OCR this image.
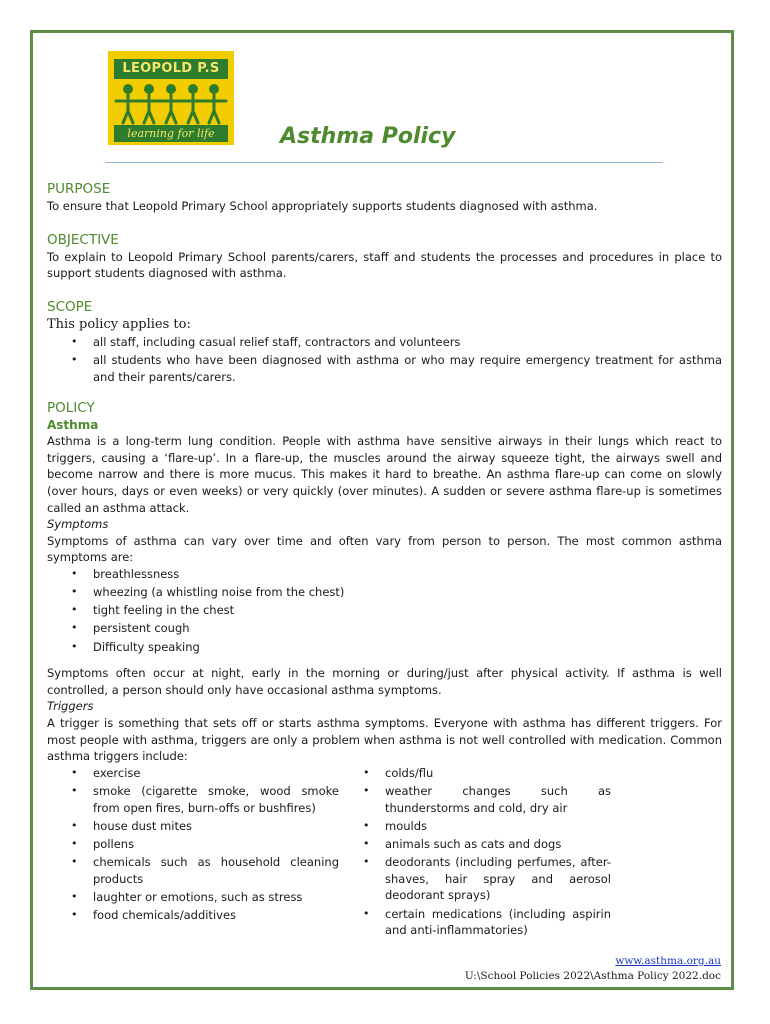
LEOPOLD P.S
learning for life	Asthma Policy
PURPOSE

To ensure that Leopold Primary School appropriately supports students diagnosed with asthma.

OBJECTIVE

To explain to Leopold Primary School parents/carers, staff and students the processes and procedures in place to support students diagnosed with asthma.

SCOPE

This policy applies to:

• all staff, including casual relief staff, contractors and volunteers
• all students who have been diagnosed with asthma or who may require emergency treatment for asthma and their parents/carers.
POLICY
Asthma

Asthma is a long-term lung condition. People with asthma have sensitive airways in their lungs which react to triggers, causing a ‘flare-up’. In a flare-up, the muscles around the airway squeeze tight, the airways swell and become narrow and there is more mucus. This makes it hard to breathe. An asthma flare-up can come on slowly (over hours, days or even weeks) or very quickly (over minutes). A sudden or severe asthma flare-up is sometimes called an asthma attack.

Symptoms

Symptoms of asthma can vary over time and often vary from person to person. The most common asthma symptoms are:

• breathlessness
• wheezing (a whistling noise from the chest)
• tight feeling in the chest
• persistent cough
• Difficulty speaking

Symptoms often occur at night, early in the morning or during/just after physical activity. If asthma is well controlled, a person should only have occasional asthma symptoms.

Triggers

A trigger is something that sets off or starts asthma symptoms. Everyone with asthma has different triggers. For most people with asthma, triggers are only a problem when asthma is not well controlled with medication. Common asthma triggers include:

• exercise
• smoke (cigarette smoke, wood smoke from open fires, burn-offs or bushfires)
• house dust mites
• pollens
• chemicals such as household cleaning products
• laughter or emotions, such as stress
• food chemicals/additives
• colds/flu
• weather changes such as thunderstorms and cold, dry air
• moulds
• animals such as cats and dogs
• deodorants (including perfumes, after-shaves, hair spray and aerosol deodorant sprays)
• certain medications (including aspirin and anti-inflammatories)
www.asthma.org.au
U:\School Policies 2022\Asthma Policy 2022.doc
